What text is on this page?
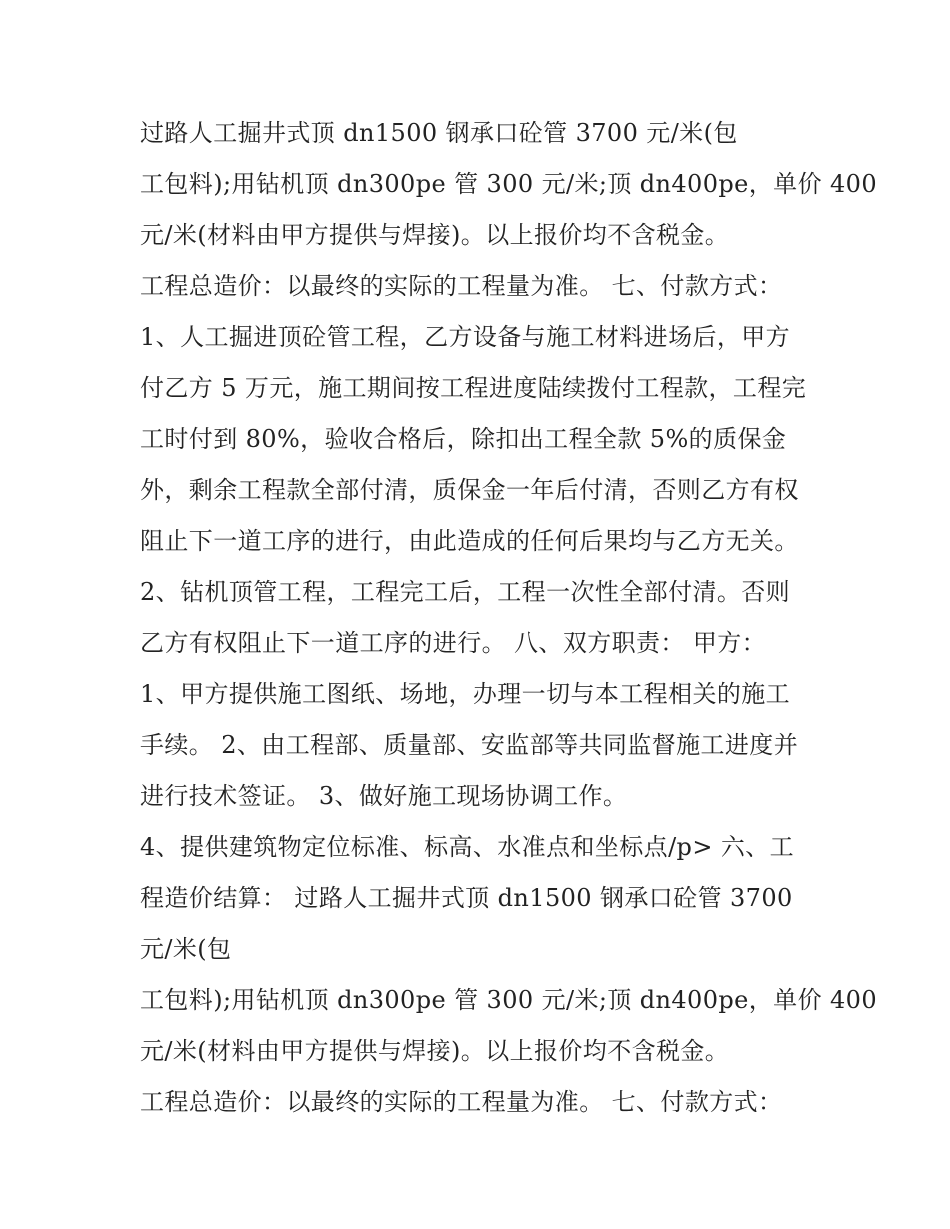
过路人工掘井式顶 dn1500 钢承口砼管 3700 元/米(包
工包料);用钻机顶 dn300pe 管 300 元/米;顶 dn400pe，单价 400
元/米(材料由甲方提供与焊接)。以上报价均不含税金。
工程总造价：以最终的实际的工程量为准。 七、付款方式：
1、人工掘进顶砼管工程，乙方设备与施工材料进场后，甲方
付乙方 5 万元，施工期间按工程进度陆续拨付工程款，工程完
工时付到 80%，验收合格后，除扣出工程全款 5%的质保金
外，剩余工程款全部付清，质保金一年后付清，否则乙方有权
阻止下一道工序的进行，由此造成的任何后果均与乙方无关。
2、钻机顶管工程，工程完工后，工程一次性全部付清。否则
乙方有权阻止下一道工序的进行。 八、双方职责： 甲方：
1、甲方提供施工图纸、场地，办理一切与本工程相关的施工
手续。 2、由工程部、质量部、安监部等共同监督施工进度并
进行技术签证。 3、做好施工现场协调工作。
4、提供建筑物定位标准、标高、水准点和坐标点/p> 六、工
程造价结算： 过路人工掘井式顶 dn1500 钢承口砼管 3700
元/米(包
工包料);用钻机顶 dn300pe 管 300 元/米;顶 dn400pe，单价 400
元/米(材料由甲方提供与焊接)。以上报价均不含税金。
工程总造价：以最终的实际的工程量为准。 七、付款方式：
